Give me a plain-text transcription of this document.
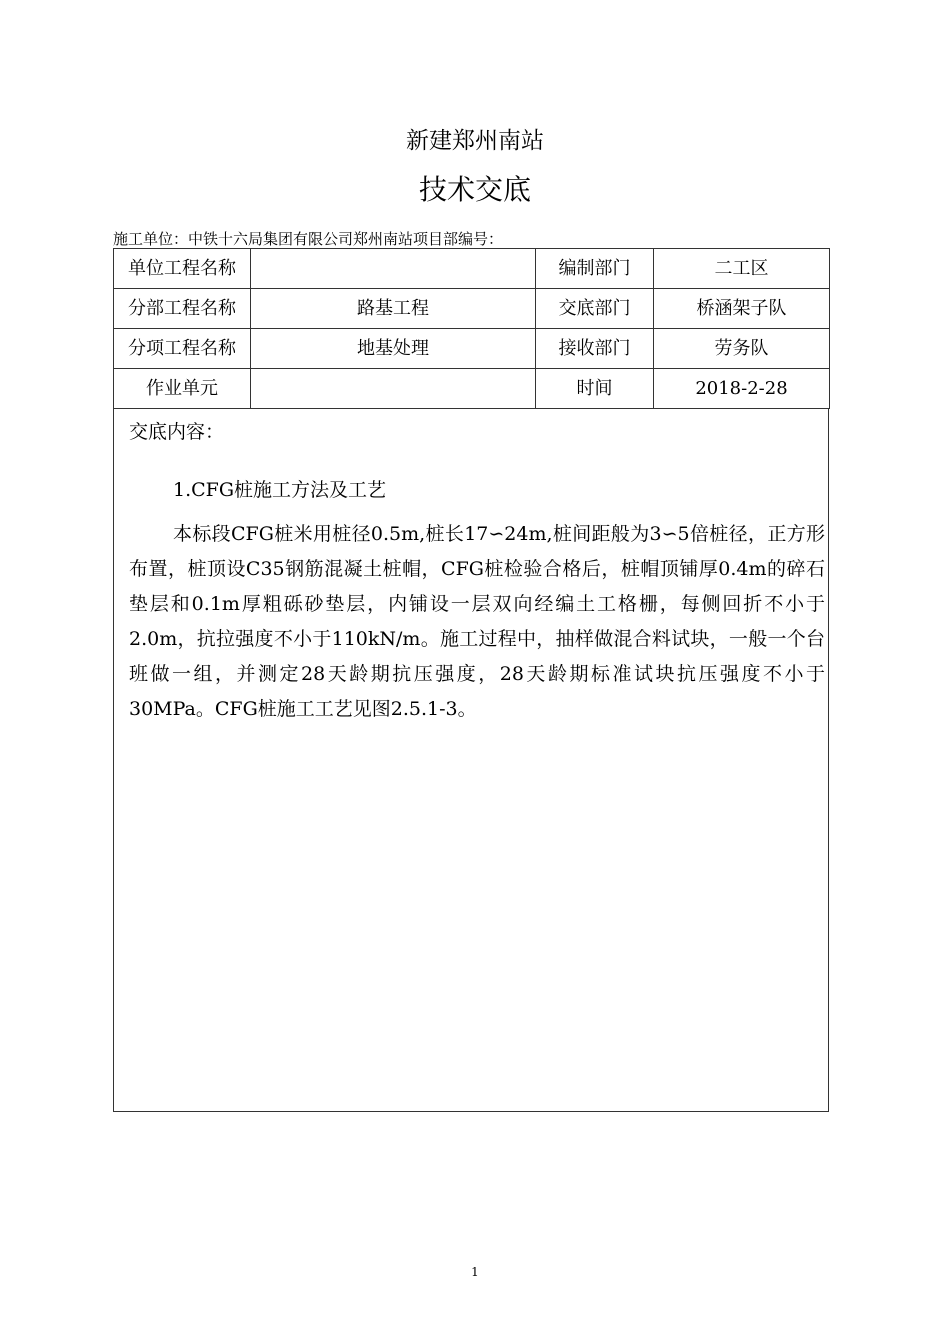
新建郑州南站
技术交底
施工单位：中铁十六局集团有限公司郑州南站项目部编号：
单位工程名称		编制部门	二工区
分部工程名称	路基工程	交底部门	桥涵架子队
分项工程名称	地基处理	接收部门	劳务队
作业单元		时间	2018-2-28
交底内容：
1.CFG桩施工方法及工艺

本标段CFG桩米用桩径0.5m,桩长17∽24m,桩间距般为3∽5倍桩径，正方形布置，桩顶设C35钢筋混凝土桩帽，CFG桩检验合格后，桩帽顶铺厚0.4m的碎石垫层和0.1m厚粗砾砂垫层，内铺设一层双向经编土工格栅，每侧回折不小于2.0m，抗拉强度不小于110kN/m。施工过程中，抽样做混合料试块，一般一个台班做一组，并测定28天龄期抗压强度，28天龄期标准试块抗压强度不小于30MPa。CFG桩施工工艺见图2.5.1-3。

1
